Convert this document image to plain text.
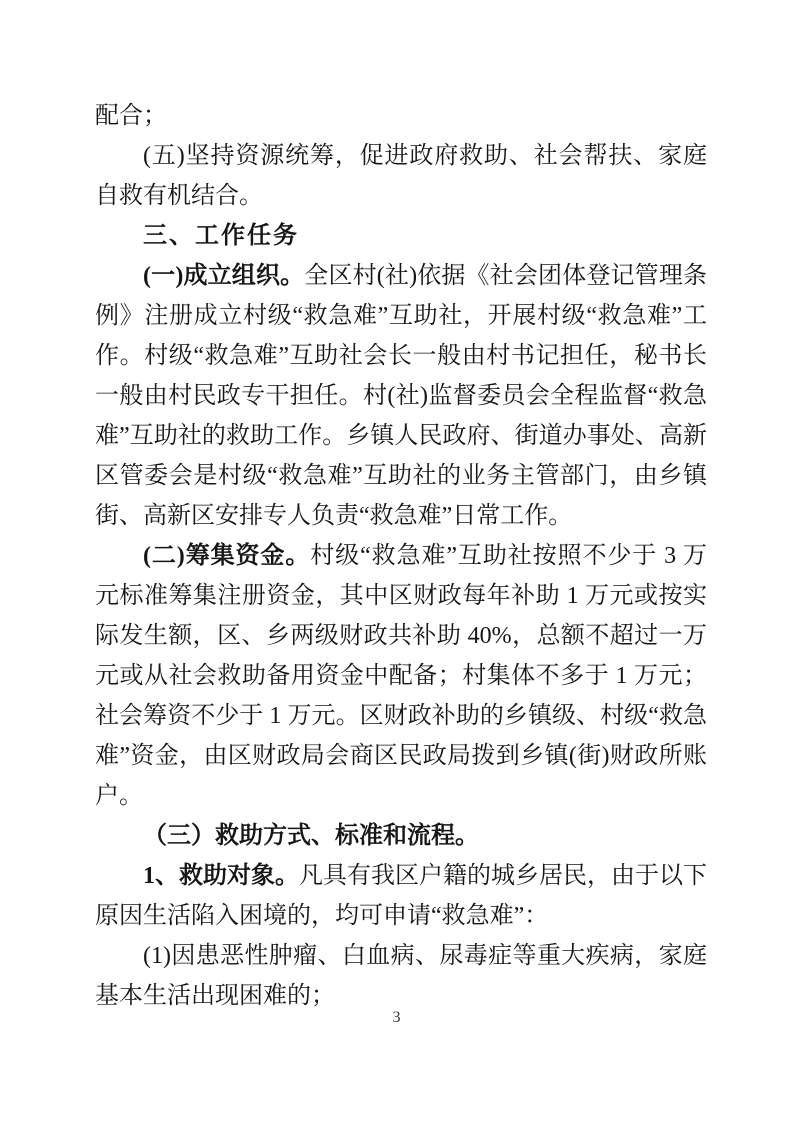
配合；

(五)坚持资源统筹，促进政府救助、社会帮扶、家庭自救有机结合。

三、工作任务

(一)成立组织。全区村(社)依据《社会团体登记管理条例》注册成立村级“救急难”互助社，开展村级“救急难”工作。村级“救急难”互助社会长一般由村书记担任，秘书长一般由村民政专干担任。村(社)监督委员会全程监督“救急难”互助社的救助工作。乡镇人民政府、街道办事处、高新区管委会是村级“救急难”互助社的业务主管部门，由乡镇街、高新区安排专人负责“救急难”日常工作。

(二)筹集资金。村级“救急难”互助社按照不少于 3 万元标准筹集注册资金，其中区财政每年补助 1 万元或按实际发生额，区、乡两级财政共补助 40%，总额不超过一万元或从社会救助备用资金中配备；村集体不多于 1 万元；社会筹资不少于 1 万元。区财政补助的乡镇级、村级“救急难”资金，由区财政局会商区民政局拨到乡镇(街)财政所账户。

（三）救助方式、标准和流程。

1、救助对象。凡具有我区户籍的城乡居民，由于以下原因生活陷入困境的，均可申请“救急难”：

(1)因患恶性肿瘤、白血病、尿毒症等重大疾病，家庭基本生活出现困难的；

3
